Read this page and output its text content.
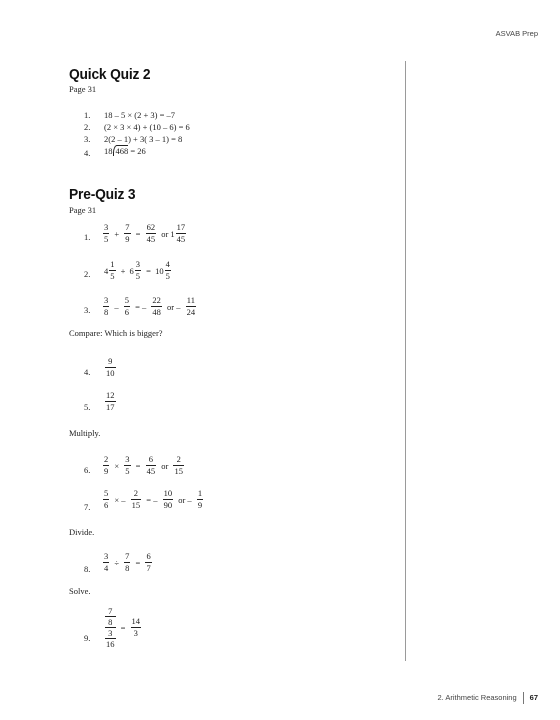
ASVAB Prep
Quick Quiz 2
Page 31
1. 18 – 5 × (2 + 3) = –7
2. (2 × 3 × 4) + (10 – 6) = 6
3. 2(2 – 1) + 3( 3 – 1) = 8
4. 18 468 = 26
Pre-Quiz 3
Page 31
1. $\frac{3}{5} + \frac{7}{9} = \frac{62}{45}$ or $1 \frac{17}{45}$
2. $4 \frac{1}{5} + 6 \frac{3}{5} = 10 \frac{4}{5}$
3. $\frac{3}{8} - \frac{5}{6}$ = – $\frac{22}{48}$ or – $\frac{11}{24}$
Compare: Which is bigger?
4. $\frac{9}{10}$
5. $\frac{12}{17}$
Multiply.
6. $\frac{2}{9} \times \frac{3}{5} = \frac{6}{45}$ or $\frac{2}{15}$
7. $\frac{5}{6}$ × – $\frac{2}{15}$ = – $\frac{10}{90}$ or – $\frac{1}{9}$
Divide.
8. $\frac{3}{4} \div \frac{7}{8} = \frac{6}{7}$
Solve.
9.
7
8
3
16
= $\frac{14}{3}$
2. Arithmetic Reasoning 67
